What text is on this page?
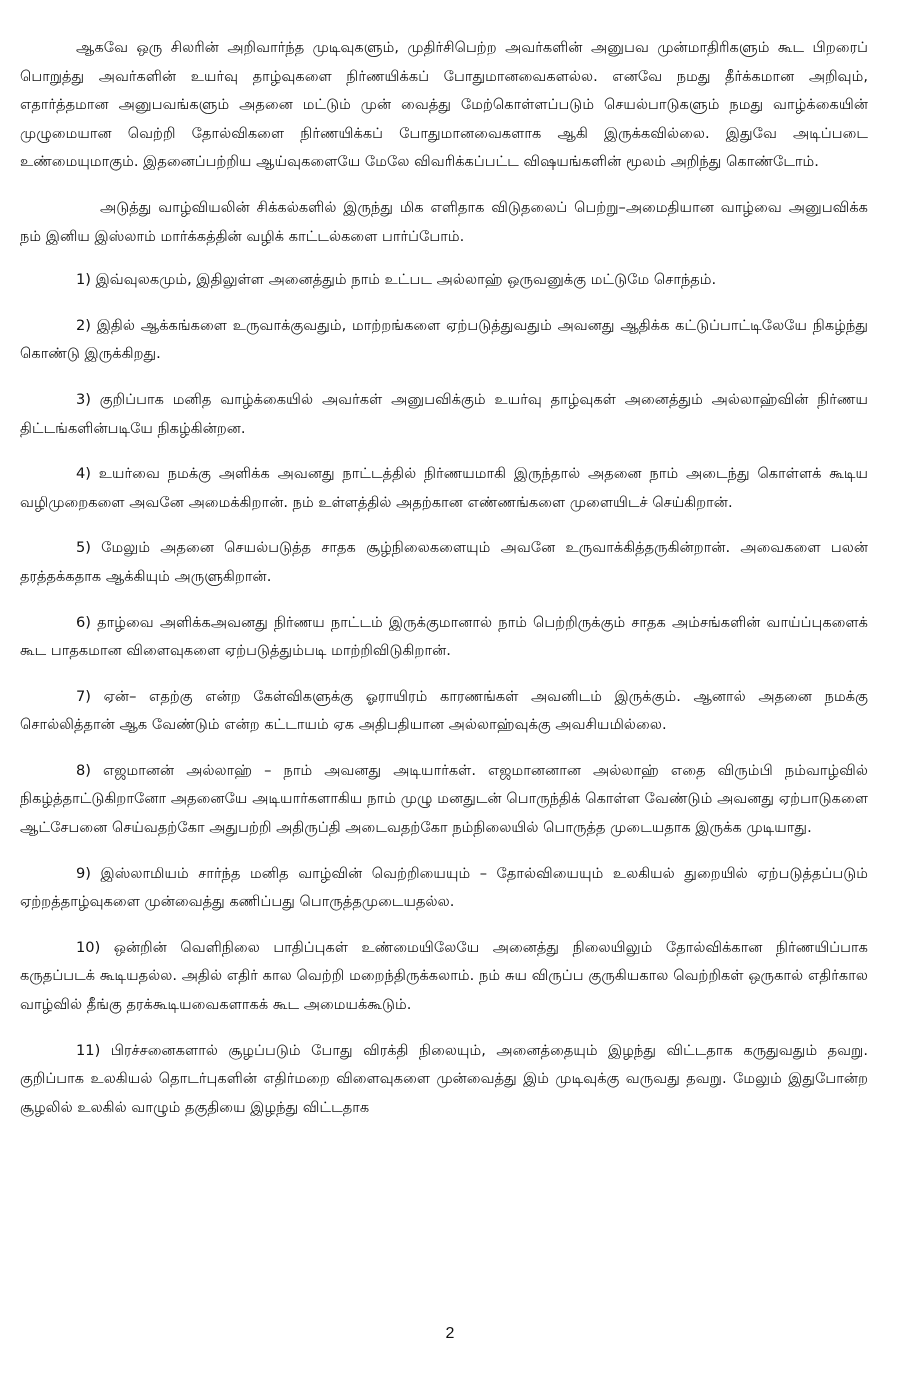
ஆகவே ஒரு சிலரின் அறிவார்ந்த முடிவுகளும், முதிர்சிபெற்ற அவர்களின் அனுபவ முன்மாதிரிகளும் கூட பிறரைப் பொறுத்து அவர்களின் உயர்வு தாழ்வுகளை நிர்ணயிக்கப் போதுமானவைகளல்ல. எனவே நமது தீர்க்கமான அறிவும், எதார்த்தமான அனுபவங்களும் அதனை மட்டும் முன் வைத்து மேற்கொள்ளப்படும் செயல்பாடுகளும் நமது வாழ்க்கையின் முழுமையான வெற்றி தோல்விகளை நிர்ணயிக்கப் போதுமானவைகளாக ஆகி இருக்கவில்லை. இதுவே அடிப்படை உண்மையுமாகும். இதனைப்பற்றிய ஆய்வுகளையே மேலே விவரிக்கப்பட்ட விஷயங்களின் மூலம் அறிந்து கொண்டோம்.

அடுத்து வாழ்வியலின் சிக்கல்களில் இருந்து மிக எளிதாக விடுதலைப் பெற்று–அமைதியான வாழ்வை அனுபவிக்க நம் இனிய இஸ்லாம் மார்க்கத்தின் வழிக் காட்டல்களை பார்ப்போம்.

1) இவ்வுலகமும், இதிலுள்ள அனைத்தும் நாம் உட்பட அல்லாஹ் ஒருவனுக்கு மட்டுமே சொந்தம்.

2) இதில் ஆக்கங்களை உருவாக்குவதும், மாற்றங்களை ஏற்படுத்துவதும் அவனது ஆதிக்க கட்டுப்பாட்டிலேயே நிகழ்ந்து கொண்டு இருக்கிறது.

3) குறிப்பாக மனித வாழ்க்கையில் அவர்கள் அனுபவிக்கும் உயர்வு தாழ்வுகள் அனைத்தும் அல்லாஹ்வின் நிர்ணய திட்டங்களின்படியே நிகழ்கின்றன.

4) உயர்வை நமக்கு அளிக்க அவனது நாட்டத்தில் நிர்ணயமாகி இருந்தால் அதனை நாம் அடைந்து கொள்ளக் கூடிய வழிமுறைகளை அவனே அமைக்கிறான். நம் உள்ளத்தில் அதற்கான எண்ணங்களை முளையிடச் செய்கிறான்.

5) மேலும் அதனை செயல்படுத்த சாதக சூழ்நிலைகளையும் அவனே உருவாக்கித்தருகின்றான். அவைகளை பலன் தரத்தக்கதாக ஆக்கியும் அருளுகிறான்.

6) தாழ்வை அளிக்கஅவனது நிர்ணய நாட்டம் இருக்குமானால் நாம் பெற்றிருக்கும் சாதக அம்சங்களின் வாய்ப்புகளைக் கூட பாதகமான விளைவுகளை ஏற்படுத்தும்படி மாற்றிவிடுகிறான்.

7) ஏன்– எதற்கு என்ற கேள்விகளுக்கு ஓராயிரம் காரணங்கள் அவனிடம் இருக்கும். ஆனால் அதனை நமக்கு சொல்லித்தான் ஆக வேண்டும் என்ற கட்டாயம் ஏக அதிபதியான அல்லாஹ்வுக்கு அவசியமில்லை.

8) எஜமானன் அல்லாஹ் – நாம் அவனது அடியார்கள். எஜமானனான அல்லாஹ் எதை விரும்பி நம்வாழ்வில் நிகழ்த்தாட்டுகிறானோ அதனையே அடியார்களாகிய நாம் முழு மனதுடன் பொருந்திக் கொள்ள வேண்டும் அவனது ஏற்பாடுகளை ஆட்சேபனை செய்வதற்கோ அதுபற்றி அதிருப்தி அடைவதற்கோ நம்நிலையில் பொருத்த முடையதாக இருக்க முடியாது.

9) இஸ்லாமியம் சார்ந்த மனித வாழ்வின் வெற்றியையும் – தோல்வியையும் உலகியல் துறையில் ஏற்படுத்தப்படும் ஏற்றத்தாழ்வுகளை முன்வைத்து கணிப்பது பொருத்தமுடையதல்ல.

10) ஒன்றின் வெளிநிலை பாதிப்புகள் உண்மையிலேயே அனைத்து நிலையிலும் தோல்விக்கான நிர்ணயிப்பாக கருதப்படக் கூடியதல்ல. அதில் எதிர் கால வெற்றி மறைந்திருக்கலாம். நம் சுய விருப்ப குருகியகால வெற்றிகள் ஒருகால் எதிர்கால வாழ்வில் தீங்கு தரக்கூடியவைகளாகக் கூட அமையக்கூடும்.

11) பிரச்சனைகளால் சூழப்படும் போது விரக்தி நிலையும், அனைத்தையும் இழந்து விட்டதாக கருதுவதும் தவறு. குறிப்பாக உலகியல் தொடர்புகளின் எதிர்மறை விளைவுகளை முன்வைத்து இம் முடிவுக்கு வருவது தவறு. மேலும் இதுபோன்ற சூழலில் உலகில் வாழும் தகுதியை இழந்து விட்டதாக

2
